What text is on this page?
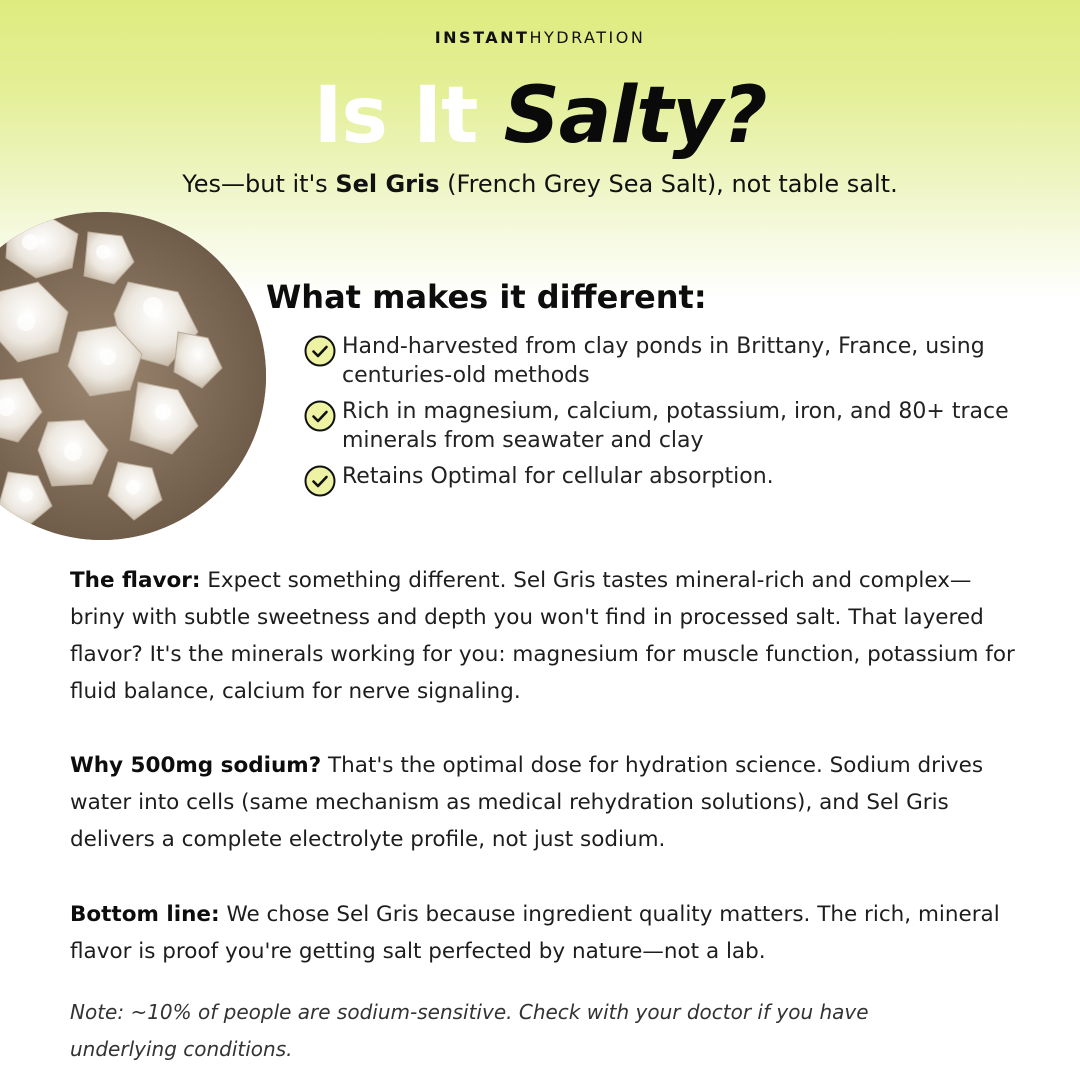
INSTANTHYDRATION
Is It Salty?

Yes—but it's Sel Gris (French Grey Sea Salt), not table salt.

What makes it different:
Hand-harvested from clay ponds in Brittany, France, using centuries-old methods
Rich in magnesium, calcium, potassium, iron, and 80+ trace minerals from seawater and clay
Retains Optimal for cellular absorption.

The flavor: Expect something different. Sel Gris tastes mineral-rich and complex—briny with subtle sweetness and depth you won't find in processed salt. That layered flavor? It's the minerals working for you: magnesium for muscle function, potassium for fluid balance, calcium for nerve signaling.

Why 500mg sodium? That's the optimal dose for hydration science. Sodium drives water into cells (same mechanism as medical rehydration solutions), and Sel Gris delivers a complete electrolyte profile, not just sodium.

Bottom line: We chose Sel Gris because ingredient quality matters. The rich, mineral flavor is proof you're getting salt perfected by nature—not a lab.

Note: ~10% of people are sodium-sensitive. Check with your doctor if you have underlying conditions.
